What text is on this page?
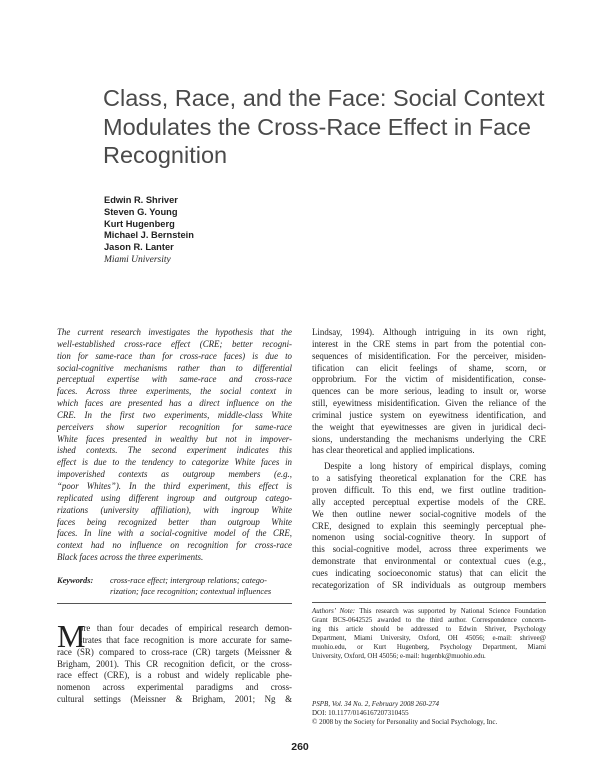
Class, Race, and the Face: Social Context
Modulates the Cross-Race Effect in Face
Recognition
Edwin R. Shriver
Steven G. Young
Kurt Hugenberg
Michael J. Bernstein
Jason R. Lanter
Miami University
The current research investigates the hypothesis that the
well-established cross-race effect (CRE; better recogni-
tion for same-race than for cross-race faces) is due to
social-cognitive mechanisms rather than to differential
perceptual expertise with same-race and cross-race
faces. Across three experiments, the social context in
which faces are presented has a direct influence on the
CRE. In the first two experiments, middle-class White
perceivers show superior recognition for same-race
White faces presented in wealthy but not in impover-
ished contexts. The second experiment indicates this
effect is due to the tendency to categorize White faces in
impoverished contexts as outgroup members (e.g.,
“poor Whites”). In the third experiment, this effect is
replicated using different ingroup and outgroup catego-
rizations (university affiliation), with ingroup White
faces being recognized better than outgroup White
faces. In line with a social-cognitive model of the CRE,
context had no influence on recognition for cross-race
Black faces across the three experiments.
Keywords: cross-race effect; intergroup relations; catego-
rization; face recognition; contextual influences
M
ore than four decades of empirical research demon-
strates that face recognition is more accurate for same-
race (SR) compared to cross-race (CR) targets (Meissner &
Brigham, 2001). This CR recognition deficit, or the cross-
race effect (CRE), is a robust and widely replicable phe-
nomenon across experimental paradigms and cross-
cultural settings (Meissner & Brigham, 2001; Ng &
Lindsay, 1994). Although intriguing in its own right,
interest in the CRE stems in part from the potential con-
sequences of misidentification. For the perceiver, misiden-
tification can elicit feelings of shame, scorn, or
opprobrium. For the victim of misidentification, conse-
quences can be more serious, leading to insult or, worse
still, eyewitness misidentification. Given the reliance of the
criminal justice system on eyewitness identification, and
the weight that eyewitnesses are given in juridical deci-
sions, understanding the mechanisms underlying the CRE
has clear theoretical and applied implications.
Despite a long history of empirical displays, coming
to a satisfying theoretical explanation for the CRE has
proven difficult. To this end, we first outline tradition-
ally accepted perceptual expertise models of the CRE.
We then outline newer social-cognitive models of the
CRE, designed to explain this seemingly perceptual phe-
nomenon using social-cognitive theory. In support of
this social-cognitive model, across three experiments we
demonstrate that environmental or contextual cues (e.g.,
cues indicating socioeconomic status) that can elicit the
recategorization of SR individuals as outgroup members
Authors’ Note: This research was supported by National Science Foundation
Grant BCS-0642525 awarded to the third author. Correspondence concern-
ing this article should be addressed to Edwin Shriver, Psychology
Department, Miami University, Oxford, OH 45056; e-mail: shrivee@
muohio.edu, or Kurt Hugenberg, Psychology Department, Miami
University, Oxford, OH 45056; e-mail: hugenbk@muohio.edu.
PSPB, Vol. 34 No. 2, February 2008 260-274
DOI: 10.1177/0146167207310455
© 2008 by the Society for Personality and Social Psychology, Inc.
260
